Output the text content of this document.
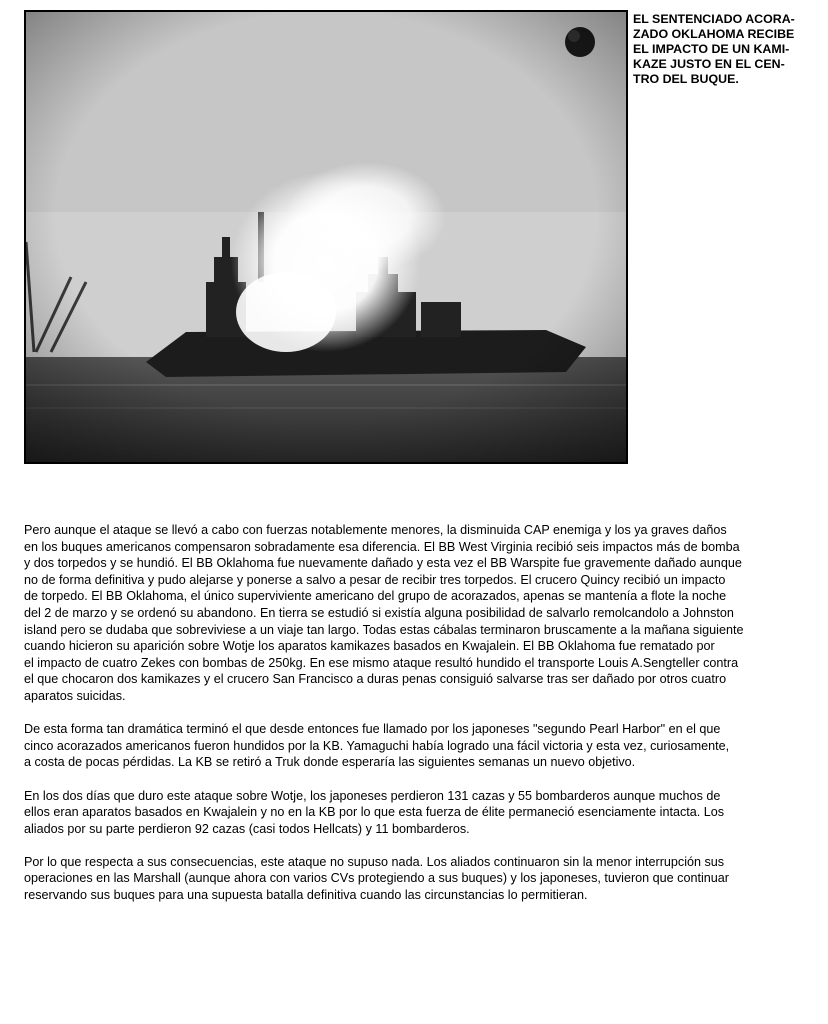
EL SENTENCIADO ACORA-
ZADO OKLAHOMA RECIBE
EL IMPACTO DE UN KAMI-
KAZE JUSTO EN EL CEN-
TRO DEL BUQUE.

Pero aunque el ataque se llevó a cabo con fuerzas notablemente menores, la disminuida CAP enemiga y los ya graves daños
en los buques americanos compensaron sobradamente esa diferencia. El BB West Virginia recibió seis impactos más de bomba
y dos torpedos y se hundió. El BB Oklahoma fue nuevamente dañado y esta vez el BB Warspite fue gravemente dañado aunque
no de forma definitiva y pudo alejarse y ponerse a salvo a pesar de recibir tres torpedos. El crucero Quincy recibió un impacto
de torpedo. El BB Oklahoma, el único superviviente americano del grupo de acorazados, apenas se mantenía a flote la noche
del 2 de marzo y se ordenó su abandono. En tierra se estudió si existía alguna posibilidad de salvarlo remolcandolo a Johnston
island pero se dudaba que sobreviviese a un viaje tan largo. Todas estas cábalas terminaron bruscamente a la mañana siguiente
cuando hicieron su aparición sobre Wotje los aparatos kamikazes basados en Kwajalein. El BB Oklahoma fue rematado por
el impacto de cuatro Zekes con bombas de 250kg. En ese mismo ataque resultó hundido el transporte Louis A.Sengteller contra
el que chocaron dos kamikazes y el crucero San Francisco a duras penas consiguió salvarse tras ser dañado por otros cuatro
aparatos suicidas.

De esta forma tan dramática terminó el que desde entonces fue llamado por los japoneses "segundo Pearl Harbor" en el que
cinco acorazados americanos fueron hundidos por la KB. Yamaguchi había logrado una fácil victoria y esta vez, curiosamente,
a costa de pocas pérdidas. La KB se retiró a Truk donde esperaría las siguientes semanas un nuevo objetivo.

En los dos días que duro este ataque sobre Wotje, los japoneses perdieron 131 cazas y 55 bombarderos aunque muchos de
ellos eran aparatos basados en Kwajalein y no en la KB por lo que esta fuerza de élite permaneció esenciamente intacta. Los
aliados por su parte perdieron 92 cazas (casi todos Hellcats) y 11 bombarderos.

Por lo que respecta a sus consecuencias, este ataque no supuso nada. Los aliados continuaron sin la menor interrupción sus
operaciones en las Marshall (aunque ahora con varios CVs protegiendo a sus buques) y los japoneses, tuvieron que continuar
reservando sus buques para una supuesta batalla definitiva cuando las circunstancias lo permitieran.
